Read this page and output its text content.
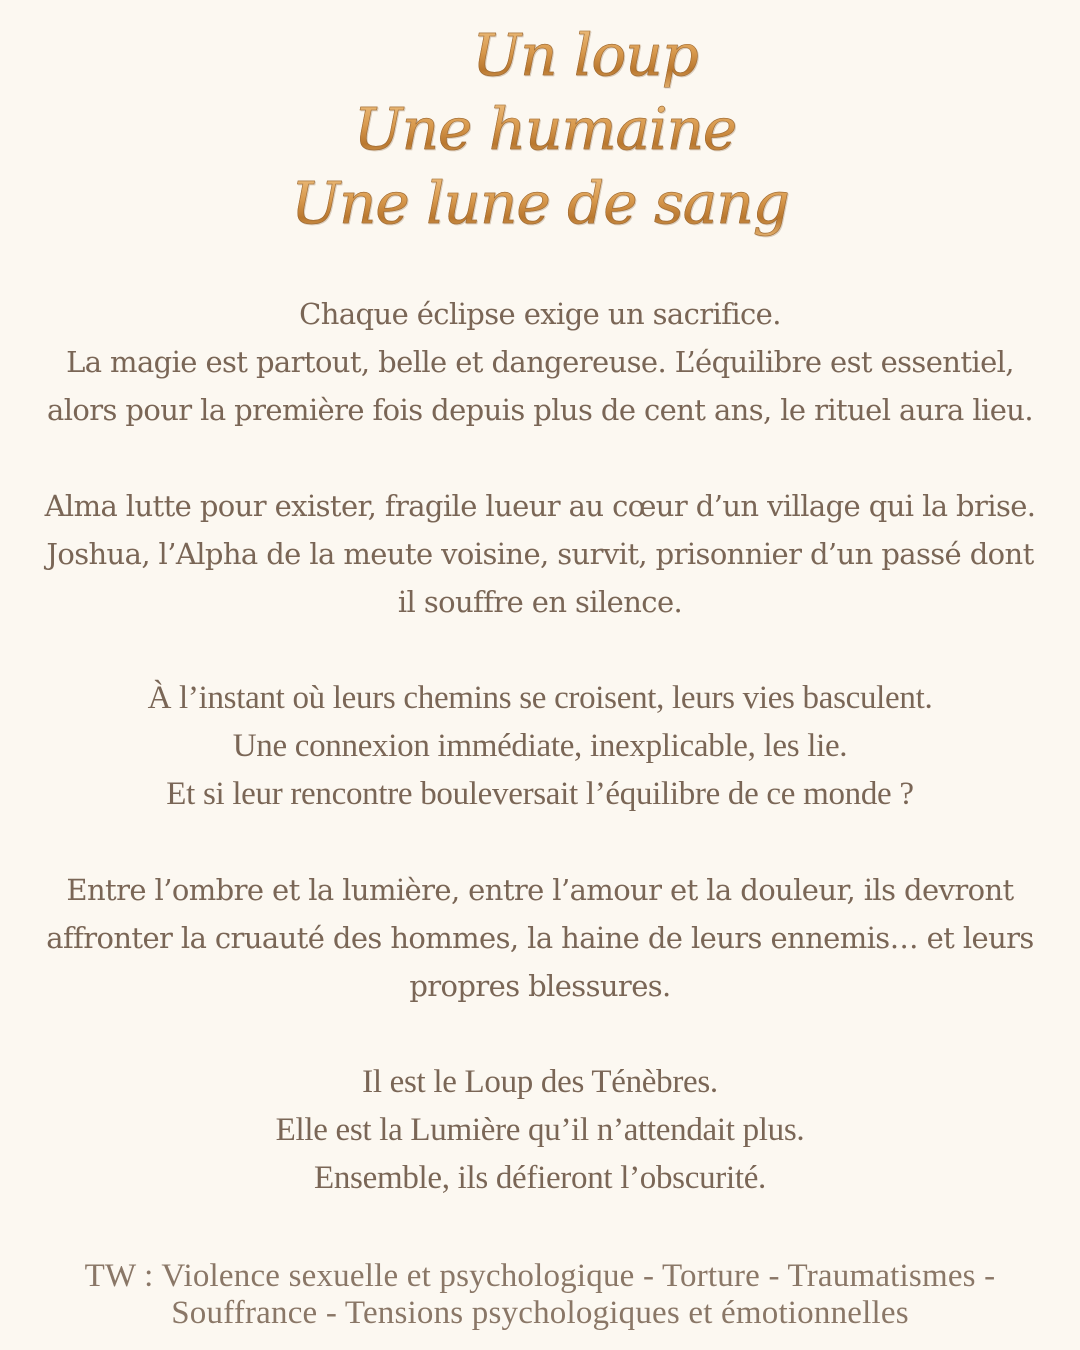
Un loup
Une humaine
Une lune de sang

Chaque éclipse exige un sacrifice.
La magie est partout, belle et dangereuse. L’équilibre est essentiel,
alors pour la première fois depuis plus de cent ans, le rituel aura lieu.

Alma lutte pour exister, fragile lueur au cœur d’un village qui la brise.
Joshua, l’Alpha de la meute voisine, survit, prisonnier d’un passé dont
il souffre en silence.

À l’instant où leurs chemins se croisent, leurs vies basculent.
Une connexion immédiate, inexplicable, les lie.
Et si leur rencontre bouleversait l’équilibre de ce monde ?

Entre l’ombre et la lumière, entre l’amour et la douleur, ils devront
affronter la cruauté des hommes, la haine de leurs ennemis… et leurs
propres blessures.

Il est le Loup des Ténèbres.
Elle est la Lumière qu’il n’attendait plus.
Ensemble, ils défieront l’obscurité.

TW : Violence sexuelle et psychologique - Torture - Traumatismes -
Souffrance - Tensions psychologiques et émotionnelles
